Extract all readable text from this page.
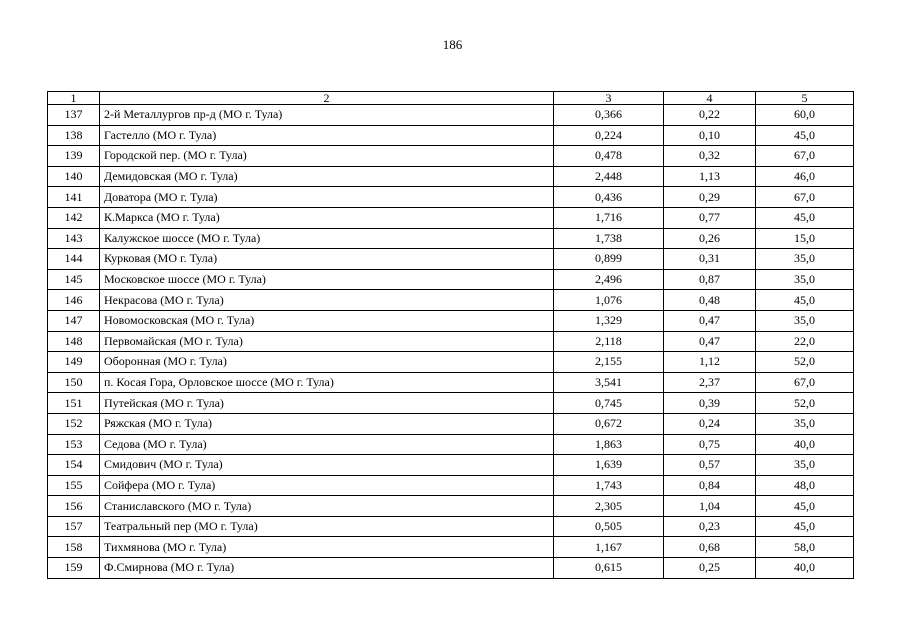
186
1	2	3	4	5
137	2-й Металлургов пр-д (МО г. Тула)	0,366	0,22	60,0
138	Гастелло (МО г. Тула)	0,224	0,10	45,0
139	Городской пер. (МО г. Тула)	0,478	0,32	67,0
140	Демидовская (МО г. Тула)	2,448	1,13	46,0
141	Доватора (МО г. Тула)	0,436	0,29	67,0
142	К.Маркса (МО г. Тула)	1,716	0,77	45,0
143	Калужское шоссе (МО г. Тула)	1,738	0,26	15,0
144	Курковая (МО г. Тула)	0,899	0,31	35,0
145	Московское шоссе (МО г. Тула)	2,496	0,87	35,0
146	Некрасова (МО г. Тула)	1,076	0,48	45,0
147	Новомосковская (МО г. Тула)	1,329	0,47	35,0
148	Первомайская (МО г. Тула)	2,118	0,47	22,0
149	Оборонная (МО г. Тула)	2,155	1,12	52,0
150	п. Косая Гора, Орловское шоссе (МО г. Тула)	3,541	2,37	67,0
151	Путейская (МО г. Тула)	0,745	0,39	52,0
152	Ряжская (МО г. Тула)	0,672	0,24	35,0
153	Седова (МО г. Тула)	1,863	0,75	40,0
154	Смидович (МО г. Тула)	1,639	0,57	35,0
155	Сойфера (МО г. Тула)	1,743	0,84	48,0
156	Станиславского (МО г. Тула)	2,305	1,04	45,0
157	Театральный пер (МО г. Тула)	0,505	0,23	45,0
158	Тихмянова (МО г. Тула)	1,167	0,68	58,0
159	Ф.Смирнова (МО г. Тула)	0,615	0,25	40,0
